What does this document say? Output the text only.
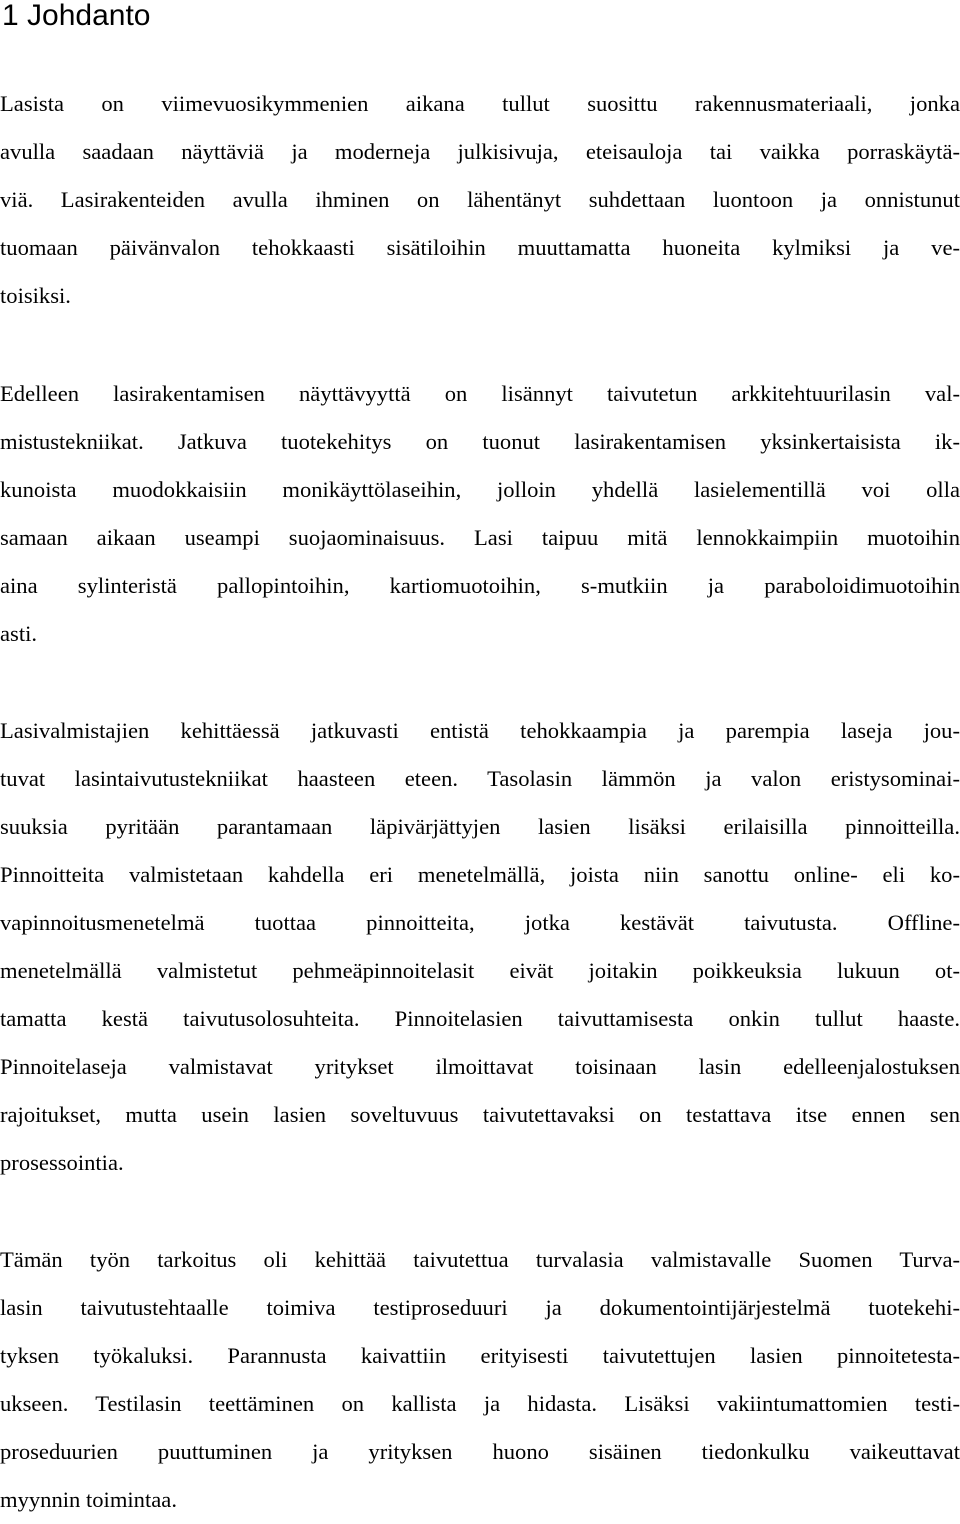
1 Johdanto
Lasista on viimevuosikymmenien aikana tullut suosittu rakennusmateriaali, jonka
avulla saadaan näyttäviä ja moderneja julkisivuja, eteisauloja tai vaikka porraskäytä-
viä. Lasirakenteiden avulla ihminen on lähentänyt suhdettaan luontoon ja onnistunut
tuomaan päivänvalon tehokkaasti sisätiloihin muuttamatta huoneita kylmiksi ja ve-
toisiksi.
Edelleen lasirakentamisen näyttävyyttä on lisännyt taivutetun arkkitehtuurilasin val-
mistustekniikat. Jatkuva tuotekehitys on tuonut lasirakentamisen yksinkertaisista ik-
kunoista muodokkaisiin monikäyttölaseihin, jolloin yhdellä lasielementillä voi olla
samaan aikaan useampi suojaominaisuus. Lasi taipuu mitä lennokkaimpiin muotoihin
aina sylinteristä pallopintoihin, kartiomuotoihin, s-mutkiin ja paraboloidimuotoihin
asti.
Lasivalmistajien kehittäessä jatkuvasti entistä tehokkaampia ja parempia laseja jou-
tuvat lasintaivutustekniikat haasteen eteen. Tasolasin lämmön ja valon eristysominai-
suuksia pyritään parantamaan läpivärjättyjen lasien lisäksi erilaisilla pinnoitteilla.
Pinnoitteita valmistetaan kahdella eri menetelmällä, joista niin sanottu online- eli ko-
vapinnoitusmenetelmä tuottaa pinnoitteita, jotka kestävät taivutusta. Offline-
menetelmällä valmistetut pehmeäpinnoitelasit eivät joitakin poikkeuksia lukuun ot-
tamatta kestä taivutusolosuhteita. Pinnoitelasien taivuttamisesta onkin tullut haaste.
Pinnoitelaseja valmistavat yritykset ilmoittavat toisinaan lasin edelleenjalostuksen
rajoitukset, mutta usein lasien soveltuvuus taivutettavaksi on testattava itse ennen sen
prosessointia.
Tämän työn tarkoitus oli kehittää taivutettua turvalasia valmistavalle Suomen Turva-
lasin taivutustehtaalle toimiva testiproseduuri ja dokumentointijärjestelmä tuotekehi-
tyksen työkaluksi. Parannusta kaivattiin erityisesti taivutettujen lasien pinnoitetesta-
ukseen. Testilasin teettäminen on kallista ja hidasta. Lisäksi vakiintumattomien testi-
proseduurien puuttuminen ja yrityksen huono sisäinen tiedonkulku vaikeuttavat
myynnin toimintaa.
